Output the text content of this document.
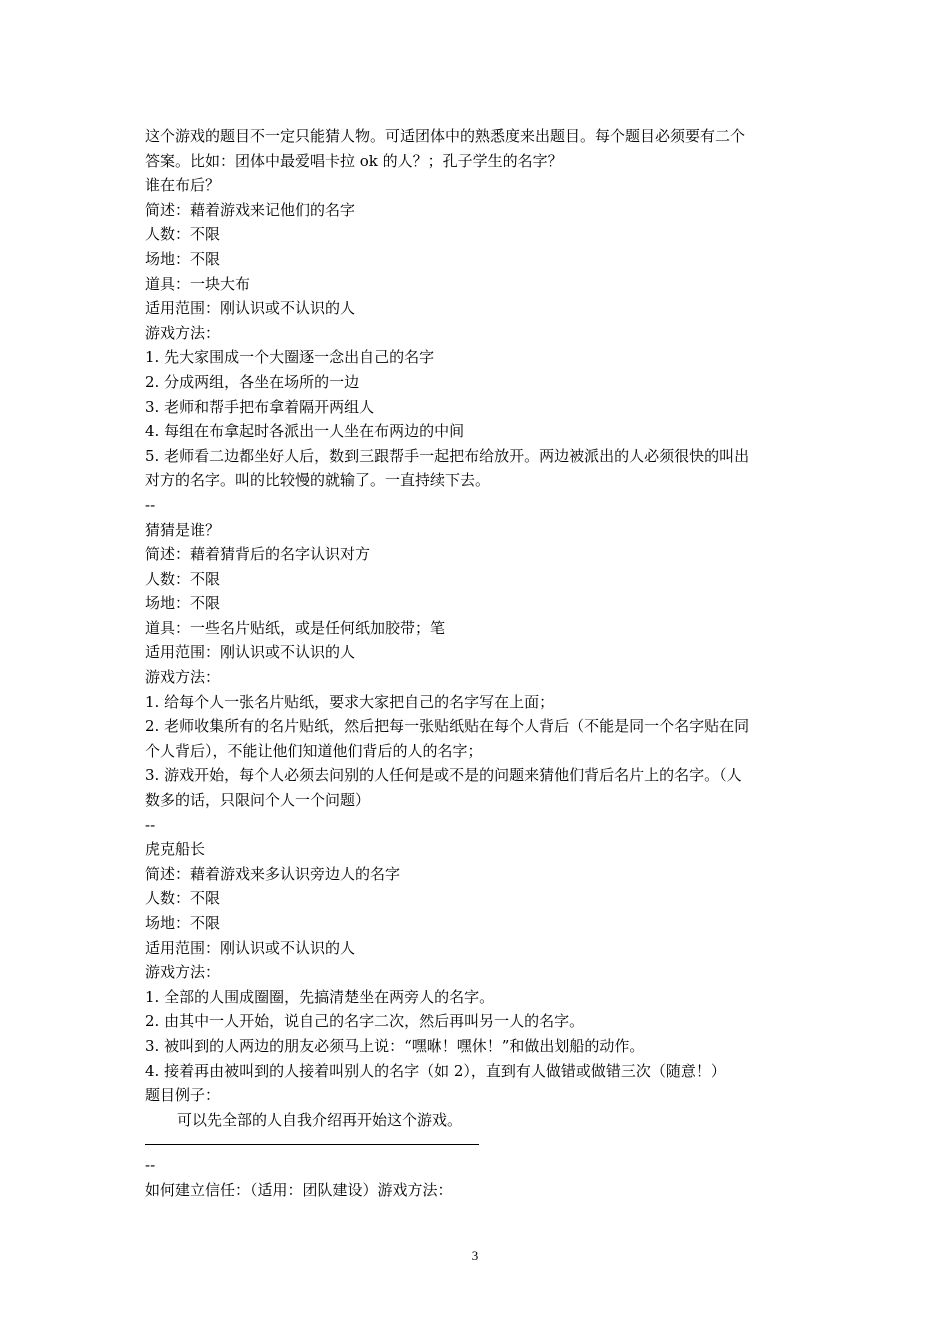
这个游戏的题目不一定只能猜人物。可适团体中的熟悉度来出题目。每个题目必须要有二个
答案。比如：团体中最爱唱卡拉 ok 的人？；孔子学生的名字？
谁在布后？
简述：藉着游戏来记他们的名字
人数：不限
场地：不限
道具：一块大布
适用范围：刚认识或不认识的人
游戏方法：
1. 先大家围成一个大圈逐一念出自己的名字
2. 分成两组，各坐在场所的一边
3. 老师和帮手把布拿着隔开两组人
4. 每组在布拿起时各派出一人坐在布两边的中间
5. 老师看二边都坐好人后，数到三跟帮手一起把布给放开。两边被派出的人必须很快的叫出
对方的名字。叫的比较慢的就输了。一直持续下去。
--
猜猜是谁？
简述：藉着猜背后的名字认识对方
人数：不限
场地：不限
道具：一些名片贴纸，或是任何纸加胶带；笔
适用范围：刚认识或不认识的人
游戏方法：
1. 给每个人一张名片贴纸，要求大家把自己的名字写在上面；
2. 老师收集所有的名片贴纸，然后把每一张贴纸贴在每个人背后（不能是同一个名字贴在同
个人背后），不能让他们知道他们背后的人的名字；
3. 游戏开始，每个人必须去问别的人任何是或不是的问题来猜他们背后名片上的名字。（人
数多的话，只限问个人一个问题）
--
虎克船长
简述：藉着游戏来多认识旁边人的名字
人数：不限
场地：不限
适用范围：刚认识或不认识的人
游戏方法：
1. 全部的人围成圈圈，先搞清楚坐在两旁人的名字。
2. 由其中一人开始，说自己的名字二次，然后再叫另一人的名字。
3. 被叫到的人两边的朋友必须马上说：“嘿咻！嘿休！”和做出划船的动作。
4. 接着再由被叫到的人接着叫别人的名字（如 2），直到有人做错或做错三次（随意！）
题目例子：
可以先全部的人自我介绍再开始这个游戏。
--
如何建立信任：（适用：团队建设）游戏方法：
3
